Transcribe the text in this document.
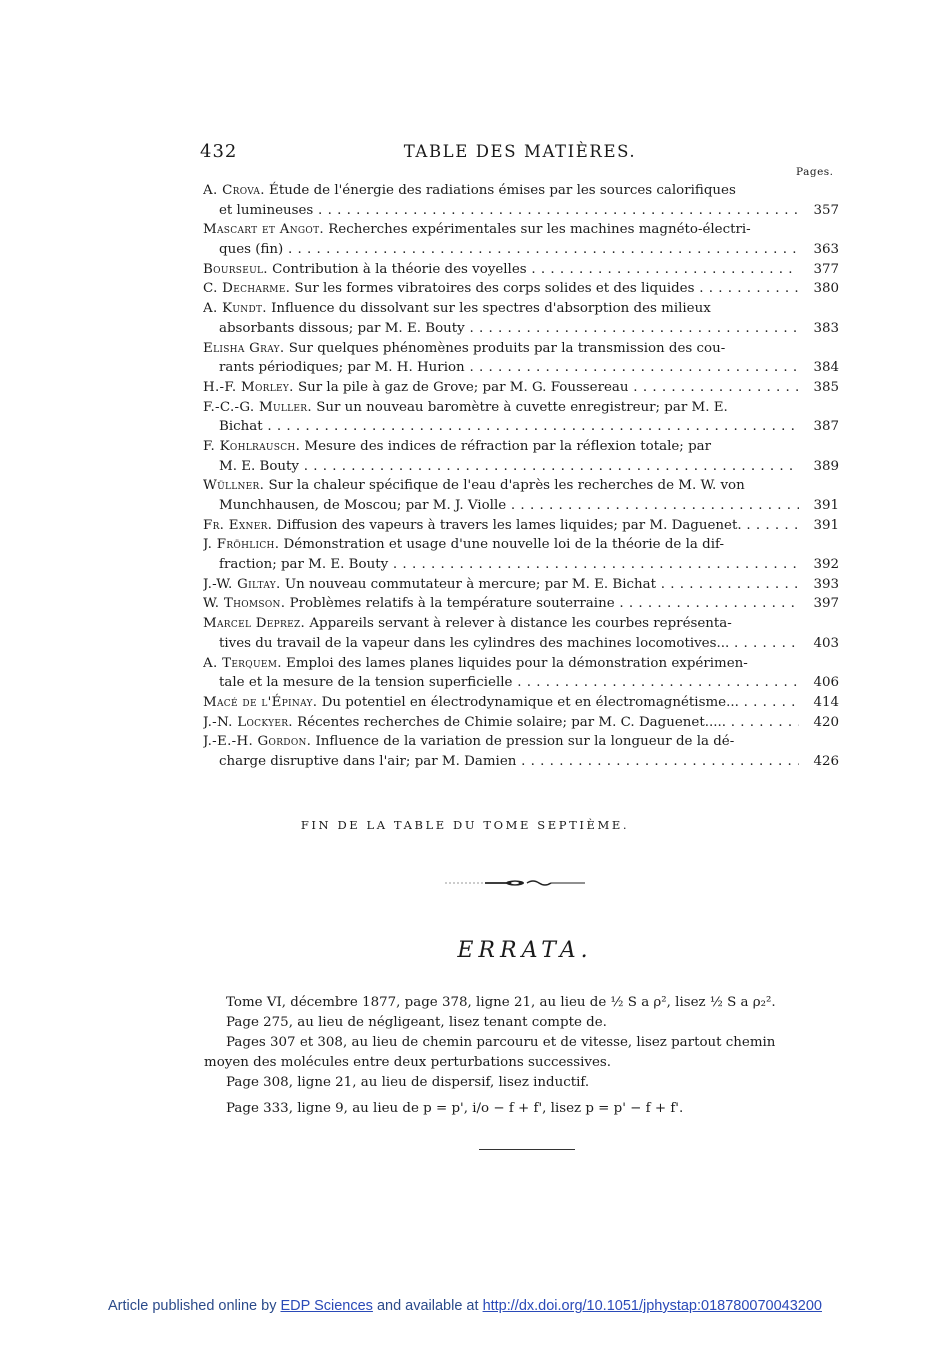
432	TABLE DES MATIÈRES.
Pages.
A. Crova. Étude de l'énergie des radiations émises par les sources calorifiques
et lumineuses	357
. . .
Mascart et Angot. Recherches expérimentales sur les machines magnéto-électri-
ques (fin)	363
. . .
Bourseul. Contribution à la théorie des voyelles	377
. . .
C. Decharme. Sur les formes vibratoires des corps solides et des liquides	380
. . .
A. Kundt. Influence du dissolvant sur les spectres d'absorption des milieux
absorbants dissous; par M. E. Bouty	383
. . .
Elisha Gray. Sur quelques phénomènes produits par la transmission des cou-
rants périodiques; par M. H. Hurion	384
. . .
H.-F. Morley. Sur la pile à gaz de Grove; par M. G. Foussereau	385
. . .
F.-C.-G. Muller. Sur un nouveau baromètre à cuvette enregistreur; par M. E.
Bichat	387
. . .
F. Kohlrausch. Mesure des indices de réfraction par la réflexion totale; par
M. E. Bouty	389
. . .
Wüllner. Sur la chaleur spécifique de l'eau d'après les recherches de M. W. von
Munchhausen, de Moscou; par M. J. Violle	391
. . .
Fr. Exner. Diffusion des vapeurs à travers les lames liquides; par M. Daguenet.	391
. . .
J. Fröhlich. Démonstration et usage d'une nouvelle loi de la théorie de la dif-
fraction; par M. E. Bouty	392
. . .
J.-W. Giltay. Un nouveau commutateur à mercure; par M. E. Bichat	393
. . .
W. Thomson. Problèmes relatifs à la température souterraine	397
. . .
Marcel Deprez. Appareils servant à relever à distance les courbes représenta-
tives du travail de la vapeur dans les cylindres des machines locomotives...	403
. . .
A. Terquem. Emploi des lames planes liquides pour la démonstration expérimen-
tale et la mesure de la tension superficielle	406
. . .
Macé de l'Épinay. Du potentiel en électrodynamique et en électromagnétisme...	414
. . .
J.-N. Lockyer. Récentes recherches de Chimie solaire; par M. C. Daguenet.....	420
. . .
J.-E.-H. Gordon. Influence de la variation de pression sur la longueur de la dé-
charge disruptive dans l'air; par M. Damien	426
. . .
FIN DE LA TABLE DU TOME SEPTIÈME.
ERRATA.
Tome VI, décembre 1877, page 378, ligne 21, au lieu de ½ S a ρ², lisez ½ S a ρ₂².
Page 275, au lieu de négligeant, lisez tenant compte de.
Pages 307 et 308, au lieu de chemin parcouru et de vitesse, lisez partout chemin
moyen des molécules entre deux perturbations successives.
Page 308, ligne 21, au lieu de dispersif, lisez inductif.
Page 333, ligne 9, au lieu de p = p', i/o − f + f', lisez p = p' − f + f'.
Article published online by EDP Sciences and available at http://dx.doi.org/10.1051/jphystap:018780070043200
